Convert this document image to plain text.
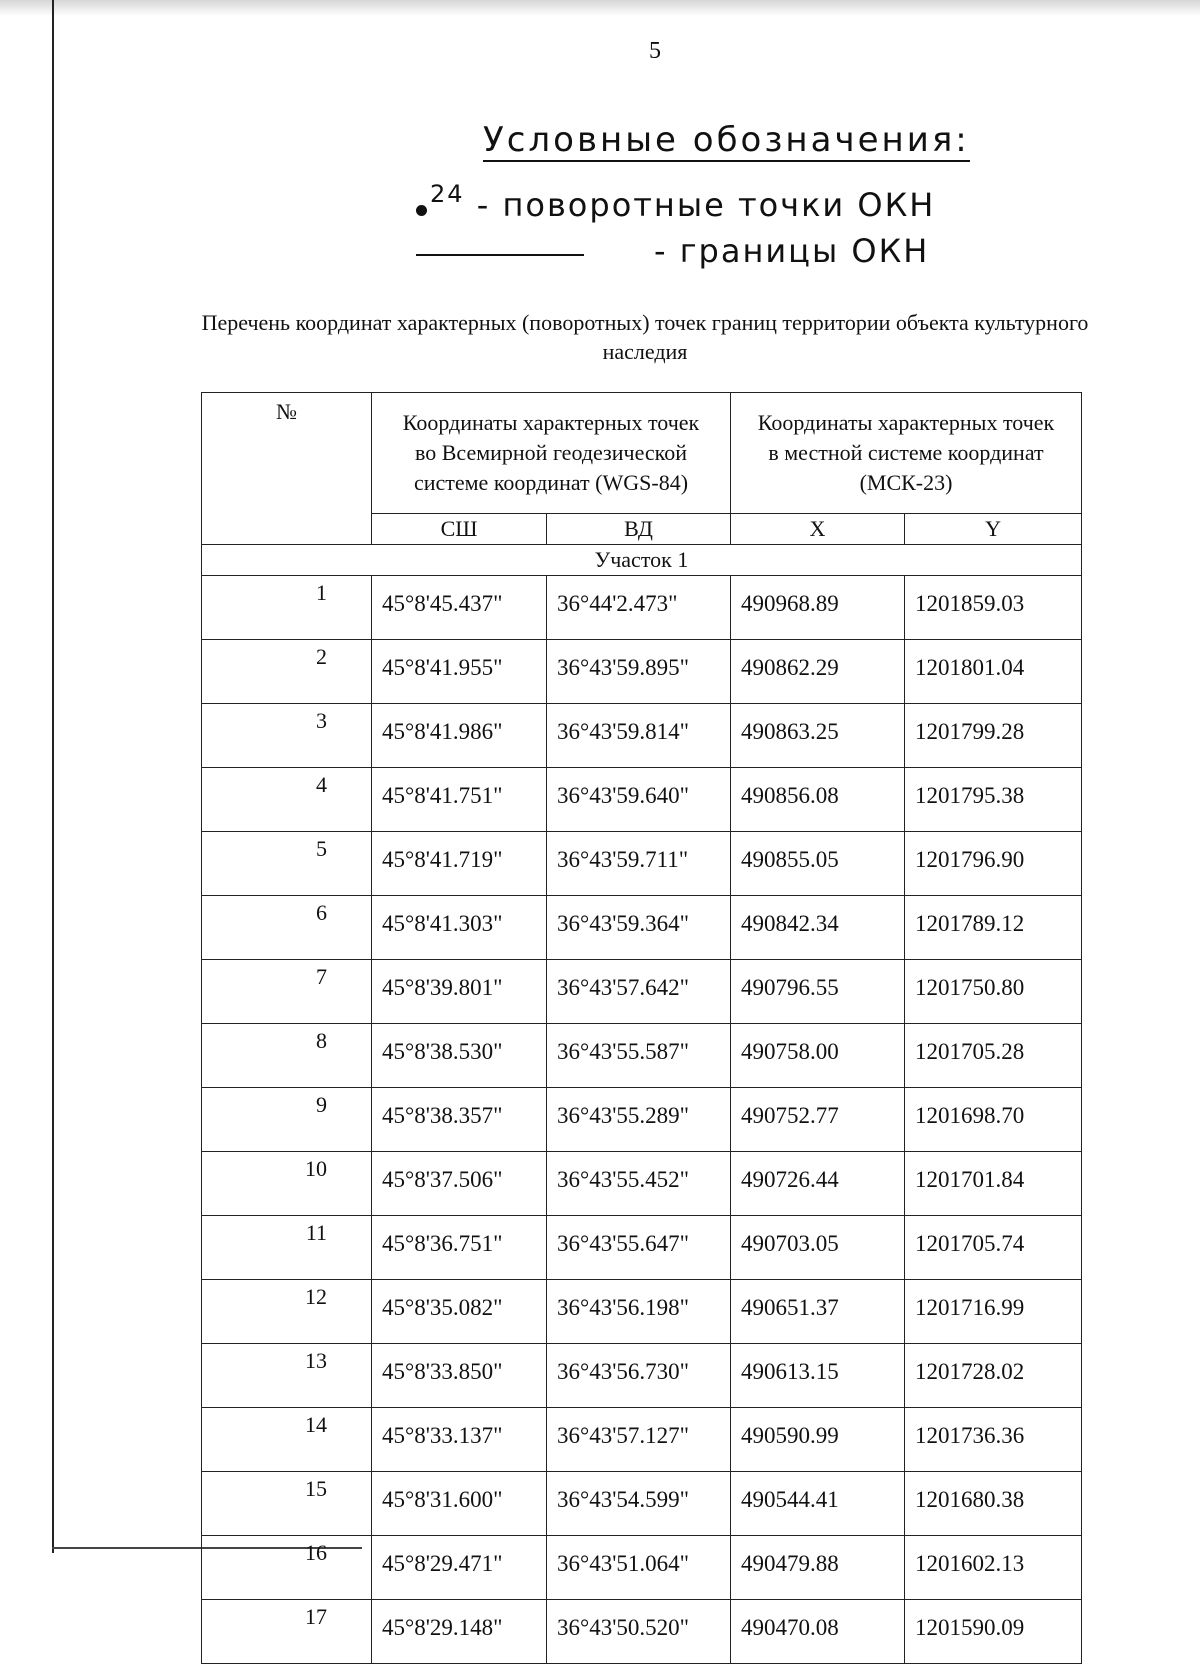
5
Условные обозначения:
$^{24}$ - поворотные точки ОКН
- границы ОКН
Перечень координат характерных (поворотных) точек границ территории объекта культурного наследия
№	Координаты характерных точек во Всемирной геодезической системе координат (WGS-84)		Координаты характерных точек в местной системе координат (МСК-23)	

	СШ	ВД	X	Y
Участок 1				
1	45°8'45.437"	36°44'2.473"	490968.89	1201859.03
2	45°8'41.955"	36°43'59.895"	490862.29	1201801.04
3	45°8'41.986"	36°43'59.814"	490863.25	1201799.28
4	45°8'41.751"	36°43'59.640"	490856.08	1201795.38
5	45°8'41.719"	36°43'59.711"	490855.05	1201796.90
6	45°8'41.303"	36°43'59.364"	490842.34	1201789.12
7	45°8'39.801"	36°43'57.642"	490796.55	1201750.80
8	45°8'38.530"	36°43'55.587"	490758.00	1201705.28
9	45°8'38.357"	36°43'55.289"	490752.77	1201698.70
10	45°8'37.506"	36°43'55.452"	490726.44	1201701.84
11	45°8'36.751"	36°43'55.647"	490703.05	1201705.74
12	45°8'35.082"	36°43'56.198"	490651.37	1201716.99
13	45°8'33.850"	36°43'56.730"	490613.15	1201728.02
14	45°8'33.137"	36°43'57.127"	490590.99	1201736.36
15	45°8'31.600"	36°43'54.599"	490544.41	1201680.38
16	45°8'29.471"	36°43'51.064"	490479.88	1201602.13
17	45°8'29.148"	36°43'50.520"	490470.08	1201590.09
